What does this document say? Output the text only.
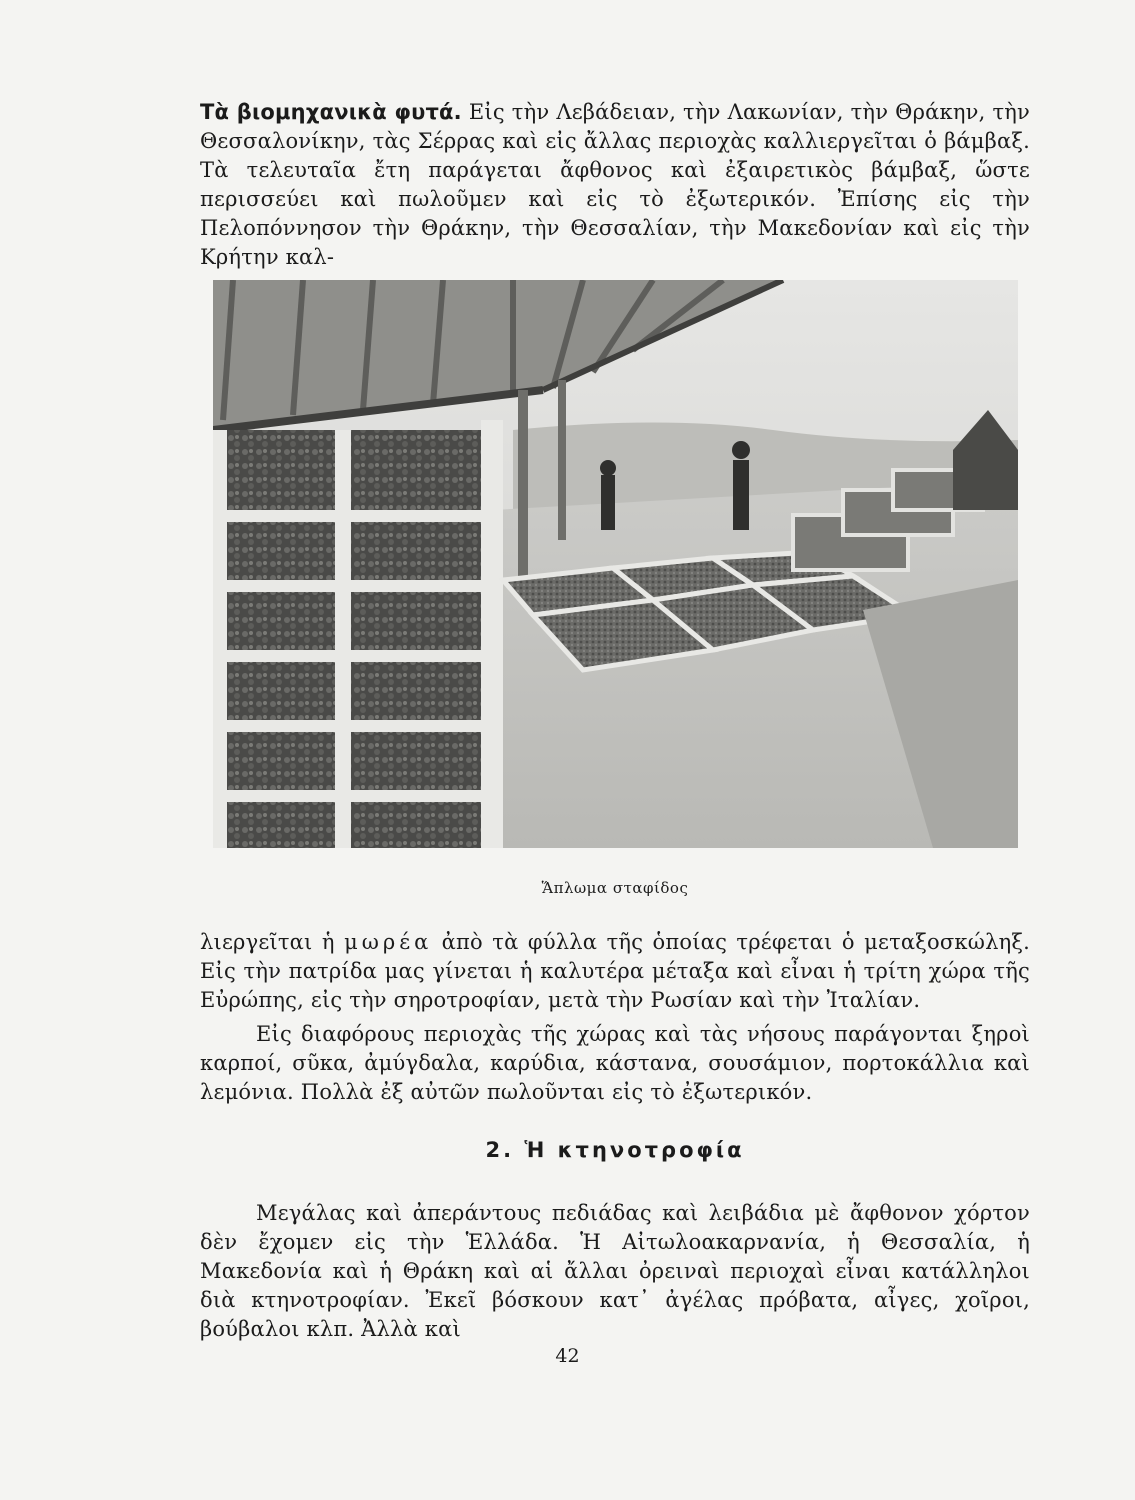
Τὰ βιομηχανικὰ φυτά. Εἰς τὴν Λεβάδειαν, τὴν Λακωνίαν, τὴν Θράκην, τὴν Θεσσαλονίκην, τὰς Σέρρας καὶ εἰς ἄλλας περιοχὰς καλλιεργεῖται ὁ βάμβαξ. Τὰ τελευταῖα ἔτη παράγεται ἄφθονος καὶ ἐξαιρετικὸς βάμβαξ, ὥστε περισσεύει καὶ πωλοῦμεν καὶ εἰς τὸ ἐξωτερικόν. Ἐπίσης εἰς τὴν Πελοπόννησον τὴν Θράκην, τὴν Θεσσαλίαν, τὴν Μακεδονίαν καὶ εἰς τὴν Κρήτην καλ-

Ἅπλωμα σταφίδος

λιεργεῖται ἡ μωρέα ἀπὸ τὰ φύλλα τῆς ὁποίας τρέφεται ὁ μεταξοσκώληξ. Εἰς τὴν πατρίδα μας γίνεται ἡ καλυτέρα μέταξα καὶ εἶναι ἡ τρίτη χώρα τῆς Εὐρώπης, εἰς τὴν σηροτροφίαν, μετὰ τὴν Ρωσίαν καὶ τὴν Ἰταλίαν.

Εἰς διαφόρους περιοχὰς τῆς χώρας καὶ τὰς νήσους παράγονται ξηροὶ καρποί, σῦκα, ἀμύγδαλα, καρύδια, κάστανα, σουσάμιον, πορτοκάλλια καὶ λεμόνια. Πολλὰ ἐξ αὐτῶν πωλοῦνται εἰς τὸ ἐξωτερικόν.

2. Ἡ κτηνοτροφία

Μεγάλας καὶ ἀπεράντους πεδιάδας καὶ λειβάδια μὲ ἄφθονον χόρτον δὲν ἔχομεν εἰς τὴν Ἑλλάδα. Ἡ Αἰτωλοακαρνανία, ἡ Θεσσαλία, ἡ Μακεδονία καὶ ἡ Θράκη καὶ αἱ ἄλλαι ὀρειναὶ περιοχαὶ εἶναι κατάλληλοι διὰ κτηνοτροφίαν. Ἐκεῖ βόσκουν κατ᾿ ἀγέλας πρόβατα, αἶγες, χοῖροι, βούβαλοι κλπ. Ἀλλὰ καὶ

42
